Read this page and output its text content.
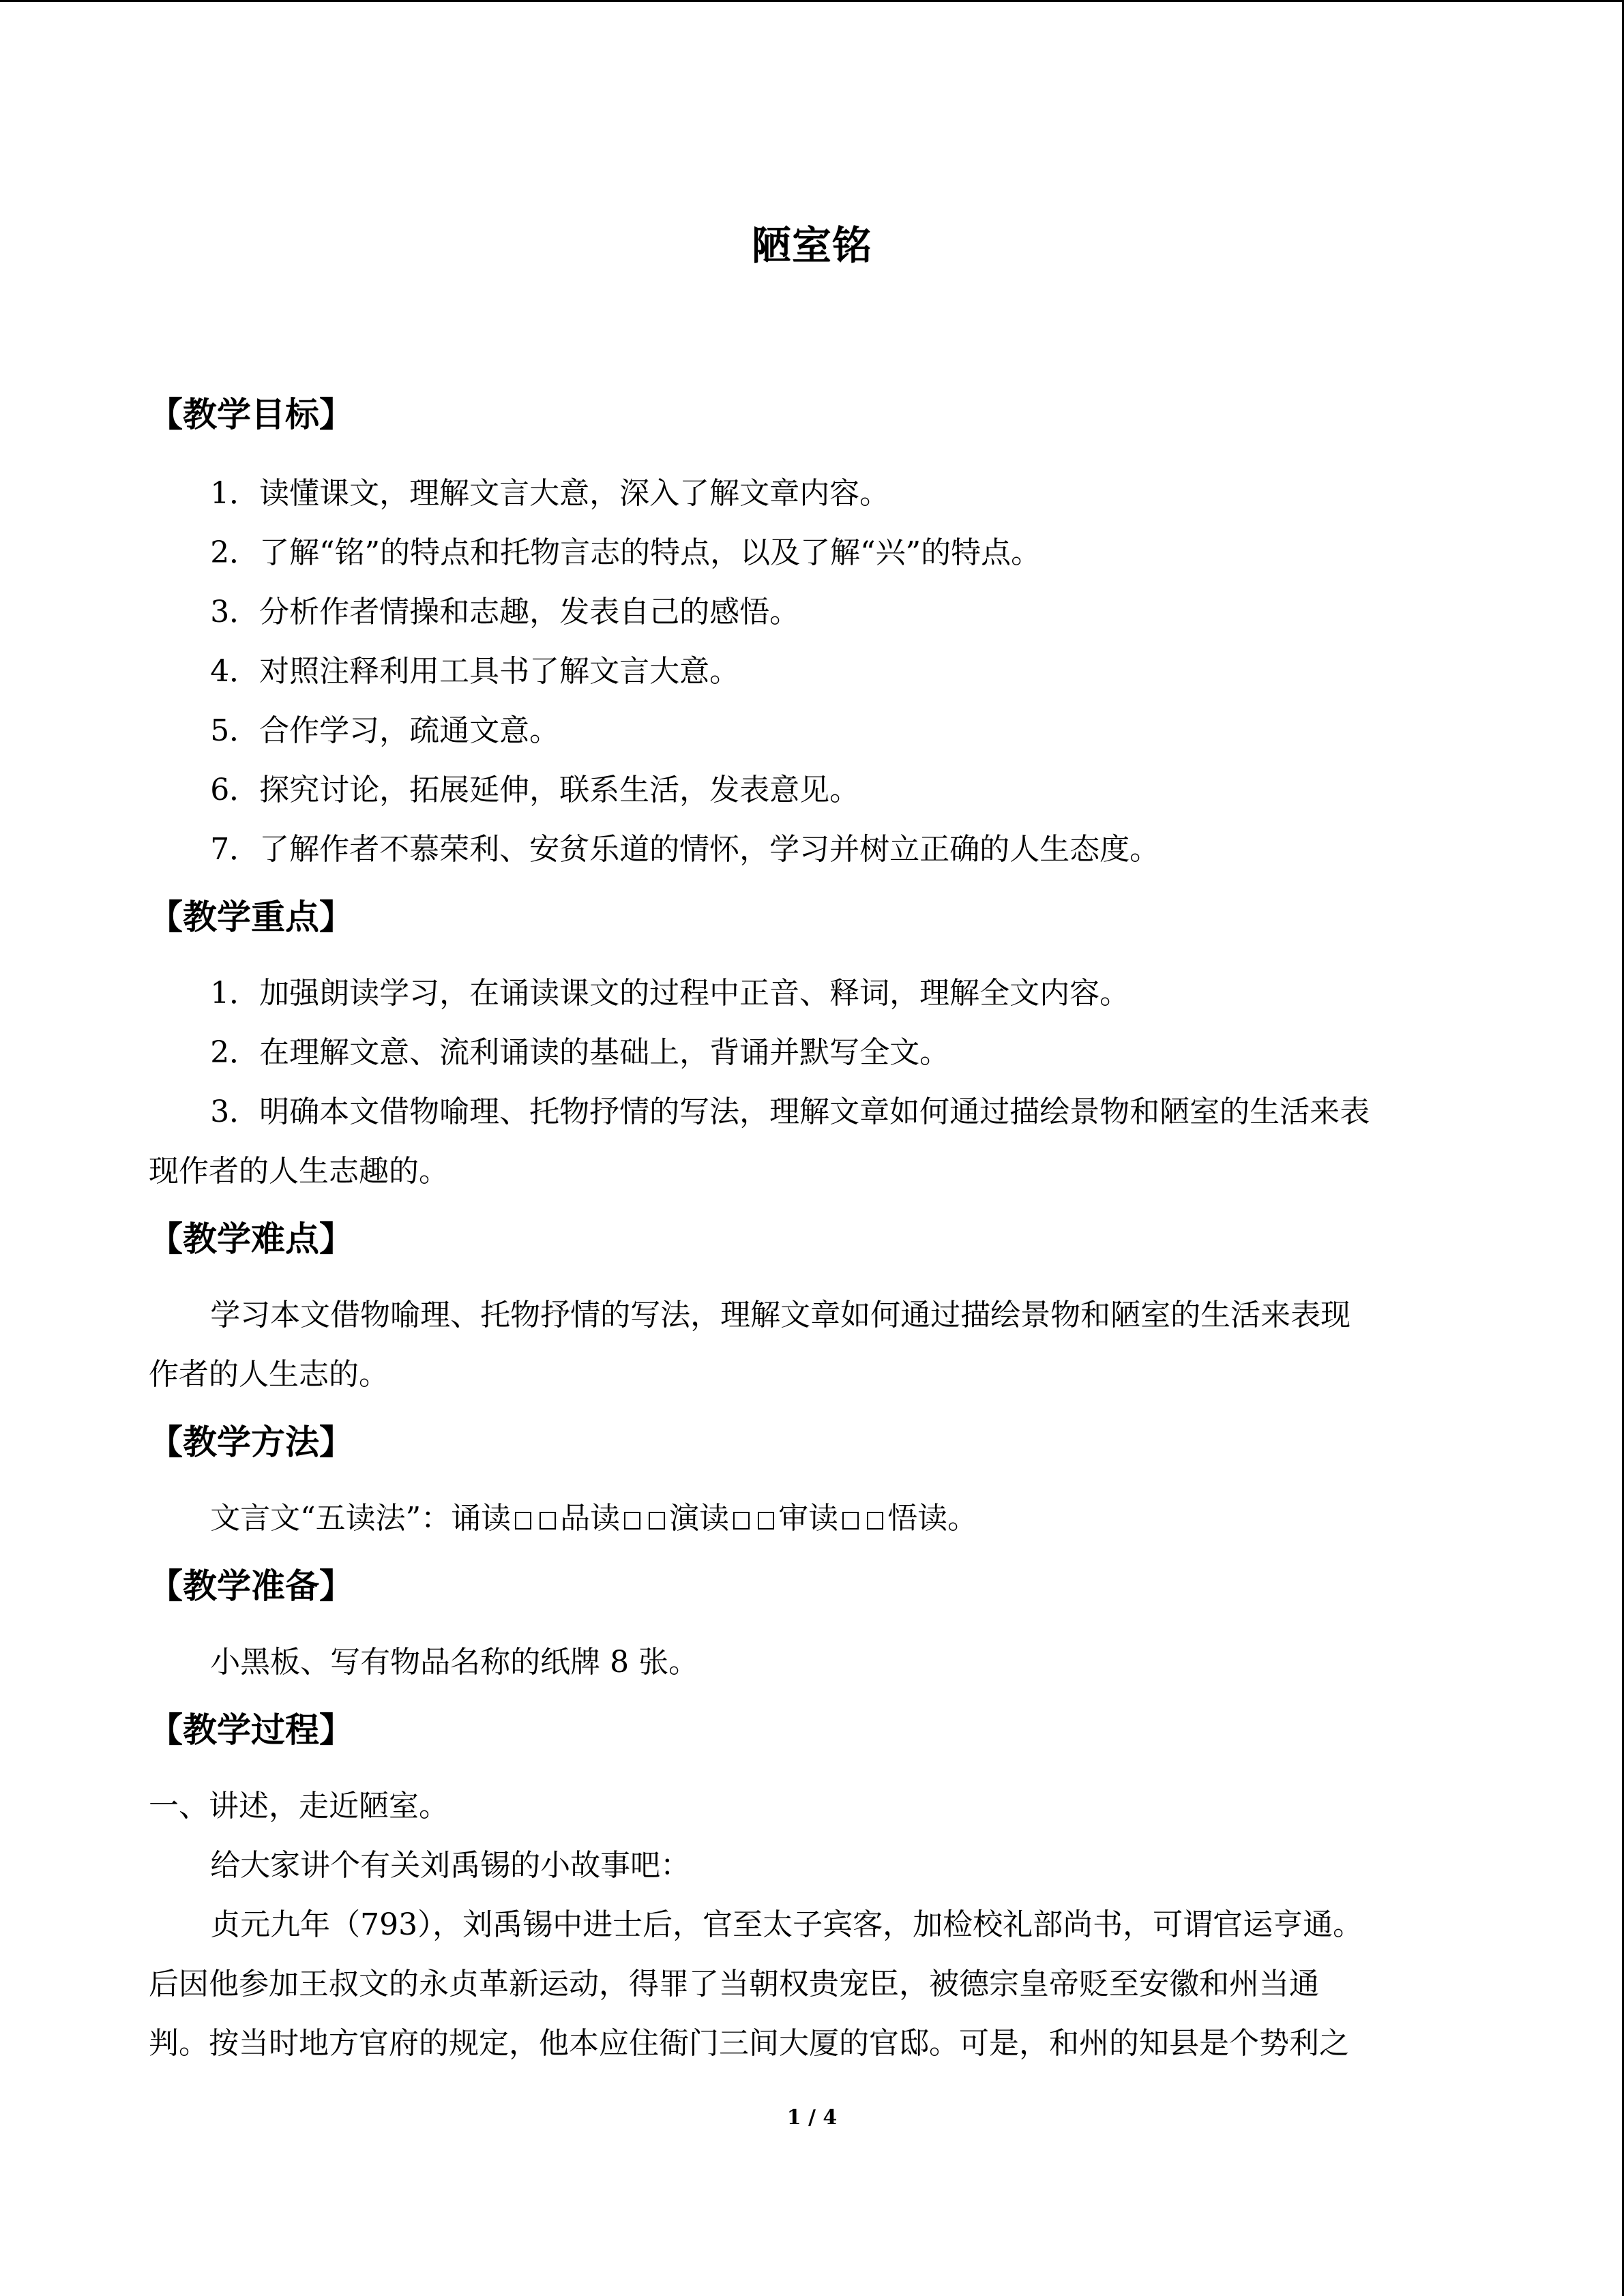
陋室铭
【教学目标】

1．读懂课文，理解文言大意，深入了解文章内容。

2．了解“铭”的特点和托物言志的特点，以及了解“兴”的特点。

3．分析作者情操和志趣，发表自己的感悟。

4．对照注释利用工具书了解文言大意。

5．合作学习，疏通文意。

6．探究讨论，拓展延伸，联系生活，发表意见。

7．了解作者不慕荣利、安贫乐道的情怀，学习并树立正确的人生态度。

【教学重点】

1．加强朗读学习，在诵读课文的过程中正音、释词，理解全文内容。

2．在理解文意、流利诵读的基础上，背诵并默写全文。

3．明确本文借物喻理、托物抒情的写法，理解文章如何通过描绘景物和陋室的生活来表
现作者的人生志趣的。

【教学难点】

学习本文借物喻理、托物抒情的写法，理解文章如何通过描绘景物和陋室的生活来表现
作者的人生志的。

【教学方法】

文言文“五读法”：诵读 品读 演读 审读 悟读。

【教学准备】

小黑板、写有物品名称的纸牌 8 张。

【教学过程】

一、讲述，走近陋室。

给大家讲个有关刘禹锡的小故事吧：

贞元九年（793），刘禹锡中进士后，官至太子宾客，加检校礼部尚书，可谓官运亨通。
后因他参加王叔文的永贞革新运动，得罪了当朝权贵宠臣，被德宗皇帝贬至安徽和州当通
判。按当时地方官府的规定，他本应住衙门三间大厦的官邸。可是，和州的知县是个势利之

1 / 4
